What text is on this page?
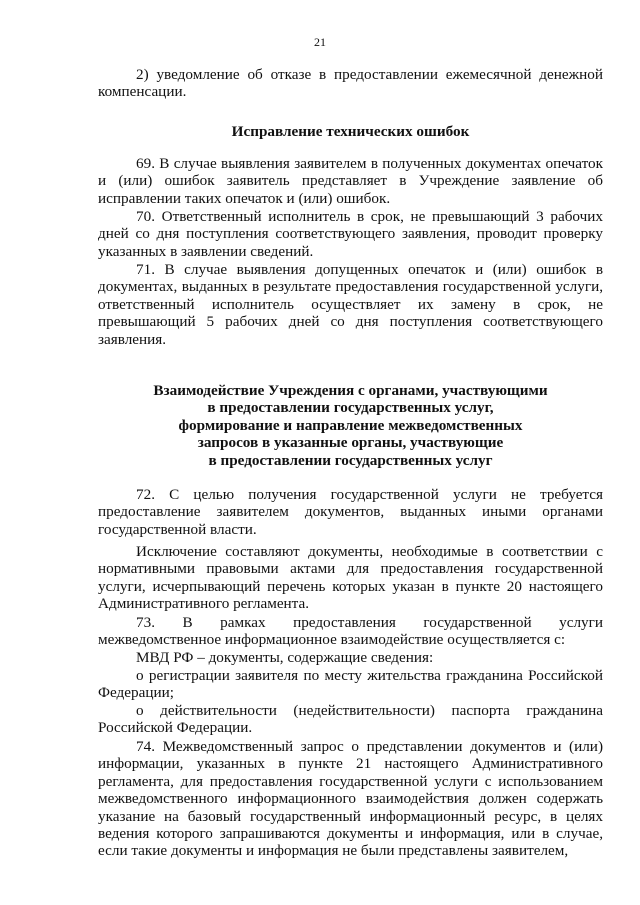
21

2) уведомление об отказе в предоставлении ежемесячной денежной компенсации.

Исправление технических ошибок

69. В случае выявления заявителем в полученных документах опечаток и (или) ошибок заявитель представляет в Учреждение заявление об исправлении таких опечаток и (или) ошибок.

70. Ответственный исполнитель в срок, не превышающий 3 рабочих дней со дня поступления соответствующего заявления, проводит проверку указанных в заявлении сведений.

71. В случае выявления допущенных опечаток и (или) ошибок в документах, выданных в результате предоставления государственной услуги, ответственный исполнитель осуществляет их замену в срок, не превышающий 5 рабочих дней со дня поступления соответствующего заявления.

Взаимодействие Учреждения с органами, участвующими
в предоставлении государственных услуг,
формирование и направление межведомственных
запросов в указанные органы, участвующие
в предоставлении государственных услуг

72. С целью получения государственной услуги не требуется предоставление заявителем документов, выданных иными органами государственной власти.

Исключение составляют документы, необходимые в соответствии с нормативными правовыми актами для предоставления государственной услуги, исчерпывающий перечень которых указан в пункте 20 настоящего Административного регламента.

73. В рамках предоставления государственной услуги межведомственное информационное взаимодействие осуществляется с:

МВД РФ – документы, содержащие сведения:

о регистрации заявителя по месту жительства гражданина Российской Федерации;

о действительности (недействительности) паспорта гражданина Российской Федерации.

74. Межведомственный запрос о представлении документов и (или) информации, указанных в пункте 21 настоящего Административного регламента, для предоставления государственной услуги с использованием межведомственного информационного взаимодействия должен содержать указание на базовый государственный информационный ресурс, в целях ведения которого запрашиваются документы и информация, или в случае, если такие документы и информация не были представлены заявителем,
